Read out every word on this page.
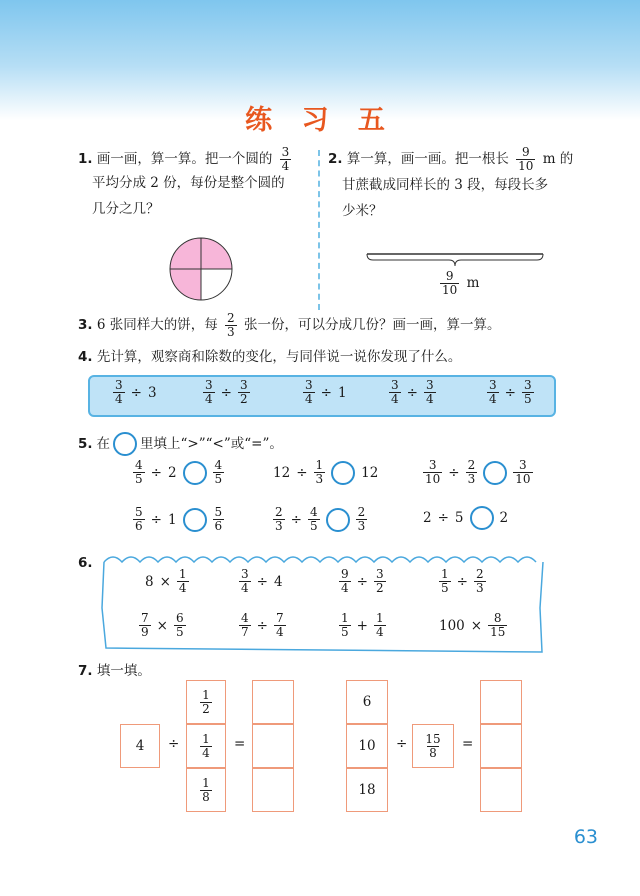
练 习 五
1. 画一画，算一算。把一个圆的 $\frac{3}{4}$
平均分成 2 份，每份是整个圆的
几分之几？
2. 算一算，画一画。把一根长 $\frac{9}{10}$ m 的
甘蔗截成同样长的 3 段，每段长多
少米？
$\frac{9}{10}$ m
3. 6 张同样大的饼，每 $\frac{2}{3}$ 张一份，可以分成几份？画一画，算一算。
4. 先计算，观察商和除数的变化，与同伴说一说你发现了什么。
$\frac{3}{4} \div 3$	$\frac{3}{4} \div \frac{3}{2}$	$\frac{3}{4} \div 1$	$\frac{3}{4} \div \frac{3}{4}$	$\frac{3}{4} \div \frac{3}{5}$
5. 在 里填上“>”“<”或“=”。
$\frac{4}{5} \div 2$	$\frac{4}{5}$	$12 \div \frac{1}{3}$	12	$\frac{3}{10} \div \frac{2}{3}$	$\frac{3}{10}$
$\frac{5}{6} \div 1$	$\frac{5}{6}$	$\frac{2}{3} \div \frac{4}{5}$	$\frac{2}{3}$	2 ÷ 5	2
6.
$8 \times \frac{1}{4}$	$\frac{3}{4} \div 4$	$\frac{9}{4} \div \frac{3}{2}$	$\frac{1}{5} \div \frac{2}{3}$
$\frac{7}{9} \times \frac{6}{5}$	$\frac{4}{7} \div \frac{7}{4}$	$\frac{1}{5} + \frac{1}{4}$	$100 \times \frac{8}{15}$
7. 填一填。
4 ÷
$\frac{1}{2}$
$\frac{1}{4}$
$\frac{1}{8}$
=
6
10
18
÷ $\frac{15}{8}$ =
63
